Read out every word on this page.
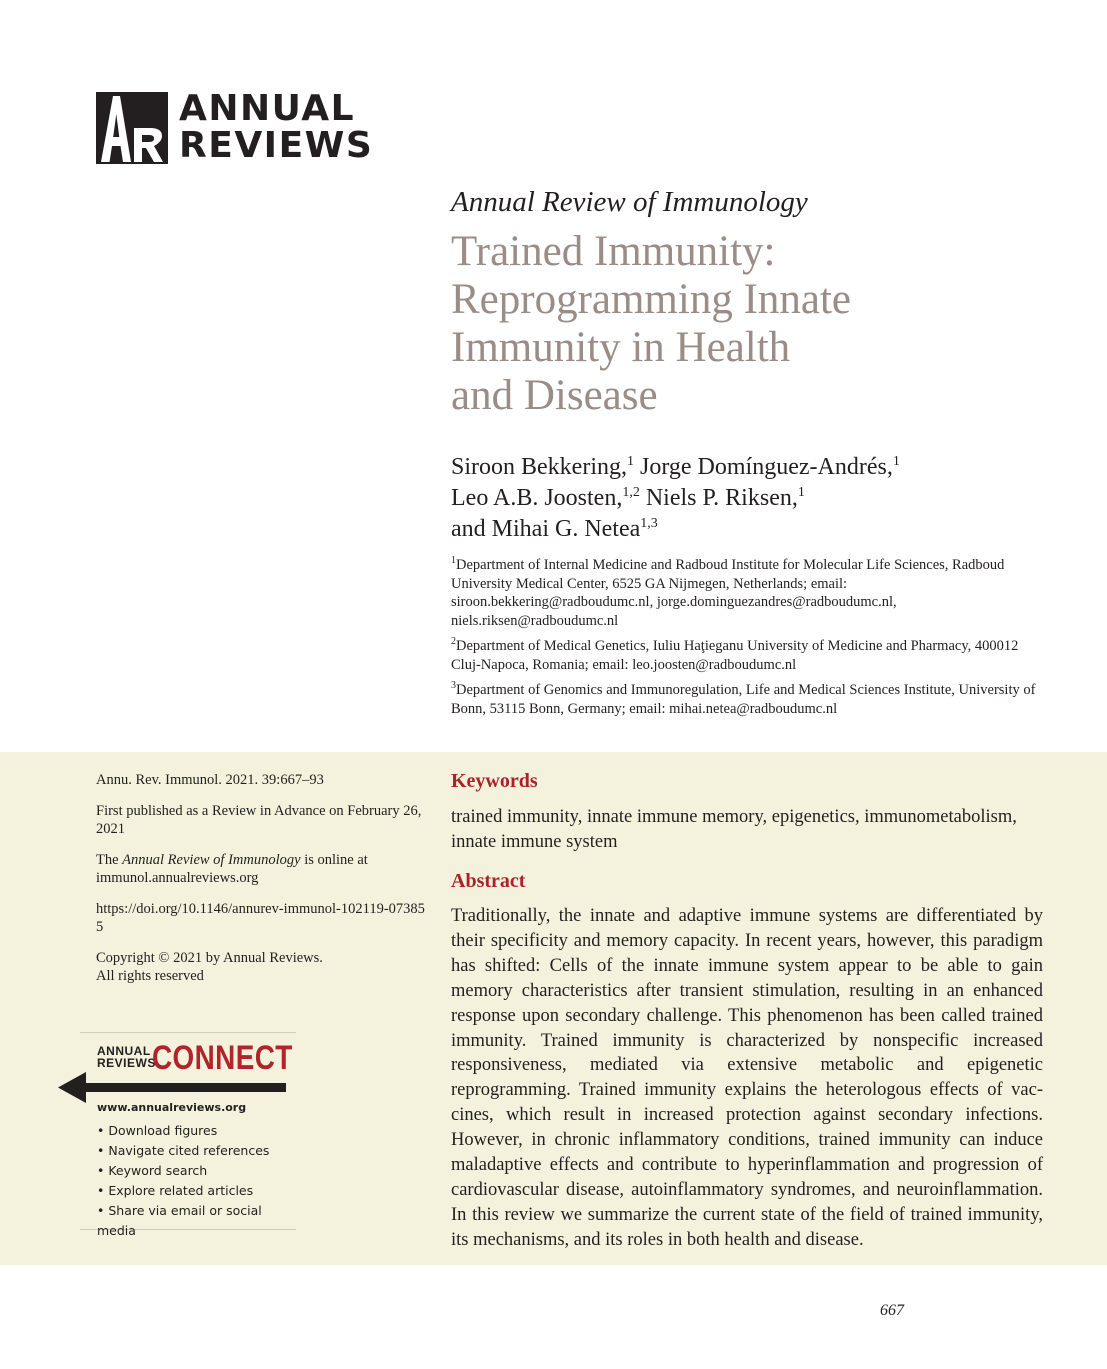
ANNUAL
REVIEWS
Annual Review of Immunology
Trained Immunity:
Reprogramming Innate
Immunity in Health
and Disease
Siroon Bekkering,$^1$ Jorge Domínguez-Andrés,$^1$
Leo A.B. Joosten,$^{1,2}$ Niels P. Riksen,$^1$
and Mihai G. Netea$^{1,3}$
$^1$Department of Internal Medicine and Radboud Institute for Molecular Life Sciences, Radboud University Medical Center, 6525 GA Nijmegen, Netherlands; email: siroon.bekkering@radboudumc.nl, jorge.dominguezandres@radboudumc.nl, niels.riksen@radboudumc.nl
$^2$Department of Medical Genetics, Iuliu Haţieganu University of Medicine and Pharmacy, 400012 Cluj-Napoca, Romania; email: leo.joosten@radboudumc.nl
$^3$Department of Genomics and Immunoregulation, Life and Medical Sciences Institute, University of Bonn, 53115 Bonn, Germany; email: mihai.netea@radboudumc.nl

Annu. Rev. Immunol. 2021. 39:667–93

First published as a Review in Advance on February 26, 2021

The Annual Review of Immunology is online at immunol.annualreviews.org

https://doi.org/10.1146/annurev-immunol-102119-073855

Copyright © 2021 by Annual Reviews.
All rights reserved

ANNUAL
REVIEWS
CONNECT
www.annualreviews.org
• Download figures
• Navigate cited references
• Keyword search
• Explore related articles
• Share via email or social media
Keywords
trained immunity, innate immune memory, epigenetics, immunometabolism, innate immune system
Abstract

Traditionally, the innate and adaptive immune systems are differentiated by their specificity and memory capacity. In recent years, however, this paradigm has shifted: Cells of the innate immune system appear to be able to gain memory characteristics after transient stimulation, resulting in an enhanced response upon secondary challenge. This phenomenon has been called trained immunity. Trained immunity is characterized by nonspecific increased responsiveness, mediated via extensive metabolic and epigenetic reprogramming. Trained immunity explains the heterologous effects of vaccines, which result in increased protection against secondary infections. However, in chronic inflammatory conditions, trained immunity can induce maladaptive effects and contribute to hyperinflammation and progression of cardiovascular disease, autoinflammatory syndromes, and neuroinflammation. In this review we summarize the current state of the field of trained immunity, its mechanisms, and its roles in both health and disease.

667
